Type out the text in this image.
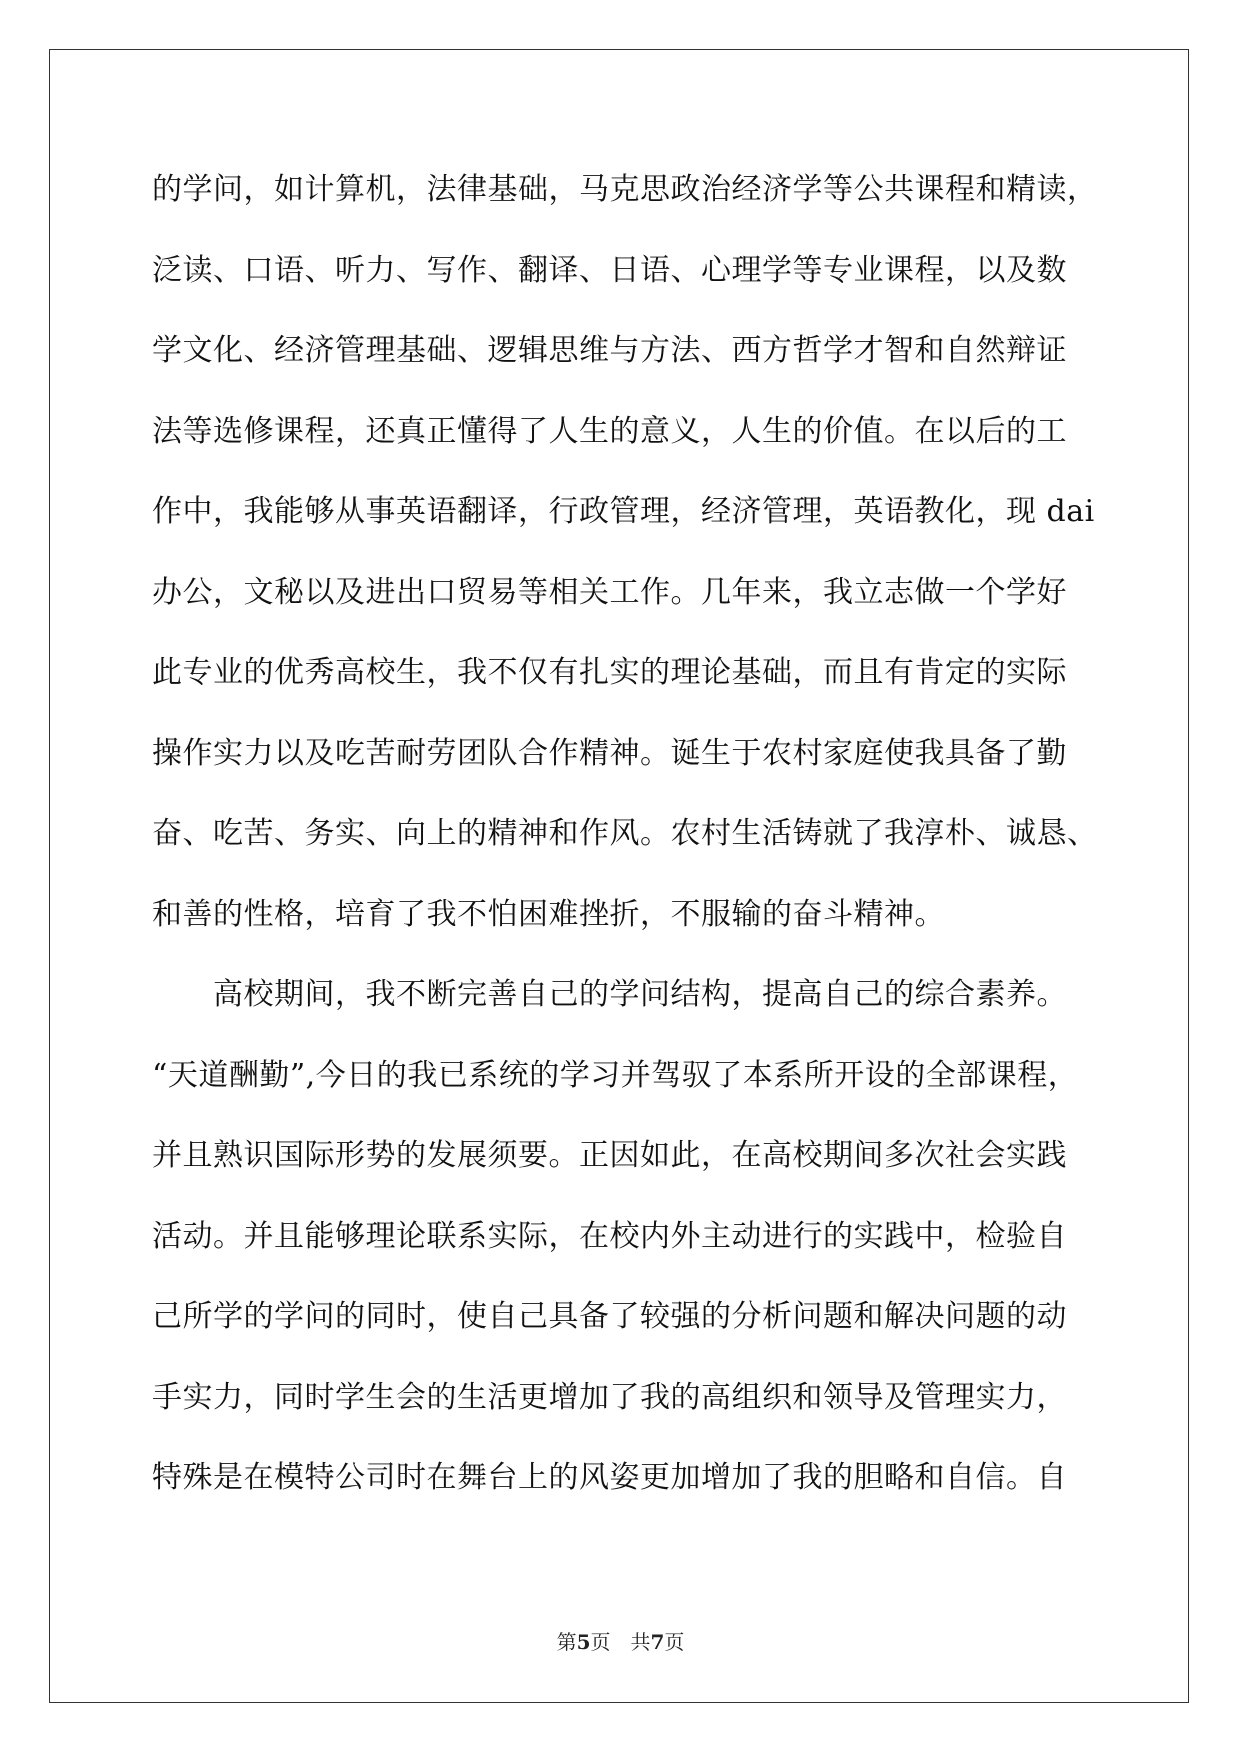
的学问，如计算机，法律基础，马克思政治经济学等公共课程和精读，
泛读、口语、听力、写作、翻译、日语、心理学等专业课程，以及数
学文化、经济管理基础、逻辑思维与方法、西方哲学才智和自然辩证
法等选修课程，还真正懂得了人生的意义，人生的价值。在以后的工
作中，我能够从事英语翻译，行政管理，经济管理，英语教化，现 dai
办公，文秘以及进出口贸易等相关工作。几年来，我立志做一个学好
此专业的优秀高校生，我不仅有扎实的理论基础，而且有肯定的实际
操作实力以及吃苦耐劳团队合作精神。诞生于农村家庭使我具备了勤
奋、吃苦、务实、向上的精神和作风。农村生活铸就了我淳朴、诚恳、
和善的性格，培育了我不怕困难挫折，不服输的奋斗精神。
　　高校期间，我不断完善自己的学问结构，提高自己的综合素养。
“天道酬勤”,今日的我已系统的学习并驾驭了本系所开设的全部课程，
并且熟识国际形势的发展须要。正因如此，在高校期间多次社会实践
活动。并且能够理论联系实际，在校内外主动进行的实践中，检验自
己所学的学问的同时，使自己具备了较强的分析问题和解决问题的动
手实力，同时学生会的生活更增加了我的高组织和领导及管理实力，
特殊是在模特公司时在舞台上的风姿更加增加了我的胆略和自信。自
第5页　共7页
